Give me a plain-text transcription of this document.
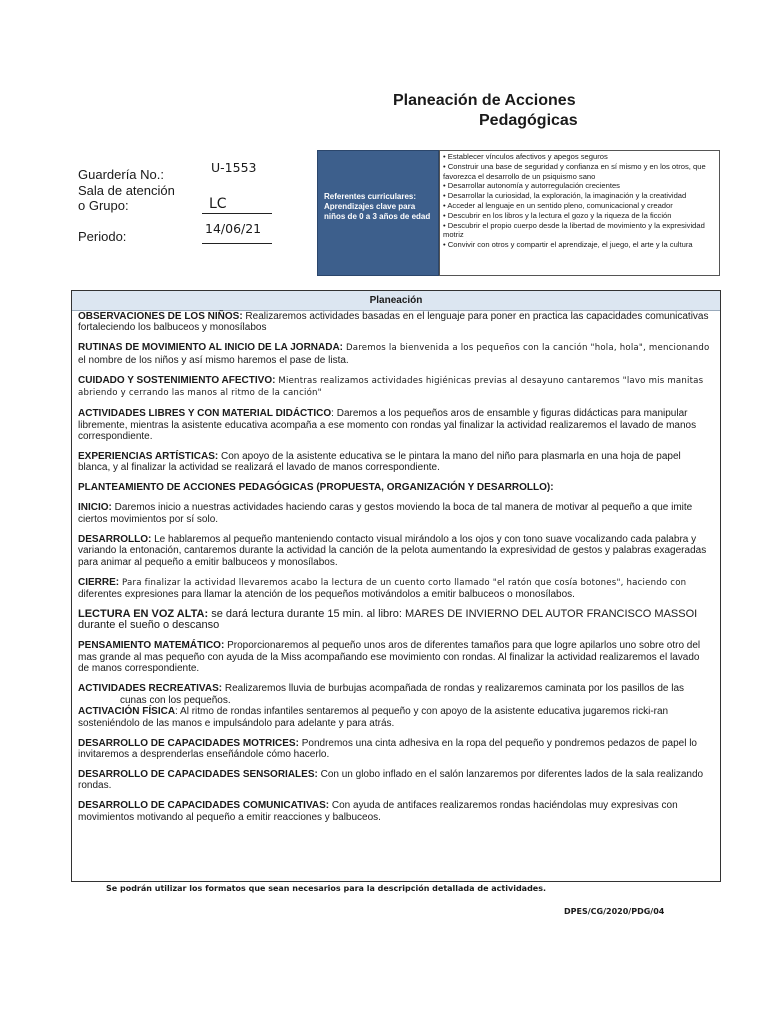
Planeación de Acciones
Pedagógicas
Guardería No.:	U-1553
Sala de atención
o Grupo:	LC
Periodo:
14/06/21
Referentes curriculares: Aprendizajes clave para niños de 0 a 3 años de edad
• Establecer vínculos afectivos y apegos seguros
• Construir una base de seguridad y confianza en sí mismo y en los otros, que favorezca el desarrollo de un psiquismo sano
• Desarrollar autonomía y autorregulación crecientes
• Desarrollar la curiosidad, la exploración, la imaginación y la creatividad
• Acceder al lenguaje en un sentido pleno, comunicacional y creador
• Descubrir en los libros y la lectura el gozo y la riqueza de la ficción
• Descubrir el propio cuerpo desde la libertad de movimiento y la expresividad motriz
• Convivir con otros y compartir el aprendizaje, el juego, el arte y la cultura
Planeación

OBSERVACIONES DE LOS NIÑOS: Realizaremos actividades basadas en el lenguaje para poner en practica las capacidades comunicativas fortaleciendo los balbuceos y monosílabos

RUTINAS DE MOVIMIENTO AL INICIO DE LA JORNADA: Daremos la bienvenida a los pequeños con la canción "hola, hola", mencionando el nombre de los niños y así mismo haremos el pase de lista.

CUIDADO Y SOSTENIMIENTO AFECTIVO: Mientras realizamos actividades higiénicas previas al desayuno cantaremos "lavo mis manitas abriendo y cerrando las manos al ritmo de la canción"

ACTIVIDADES LIBRES Y CON MATERIAL DIDÁCTICO: Daremos a los pequeños aros de ensamble y figuras didácticas para manipular libremente, mientras la asistente educativa acompaña a ese momento con rondas yal finalizar la actividad realizaremos el lavado de manos correspondiente.

EXPERIENCIAS ARTÍSTICAS: Con apoyo de la asistente educativa se le pintara la mano del niño para plasmarla en una hoja de papel blanca, y al finalizar la actividad se realizará el lavado de manos correspondiente.

PLANTEAMIENTO DE ACCIONES PEDAGÓGICAS (PROPUESTA, ORGANIZACIÓN Y DESARROLLO):

INICIO: Daremos inicio a nuestras actividades haciendo caras y gestos moviendo la boca de tal manera de motivar al pequeño a que imite ciertos movimientos por sí solo.

DESARROLLO: Le hablaremos al pequeño manteniendo contacto visual mirándolo a los ojos y con tono suave vocalizando cada palabra y variando la entonación, cantaremos durante la actividad la canción de la pelota aumentando la expresividad de gestos y palabras exageradas para animar al pequeño a emitir balbuceos y monosílabos.

CIERRE: Para finalizar la actividad llevaremos acabo la lectura de un cuento corto llamado "el ratón que cosía botones", haciendo con diferentes expresiones para llamar la atención de los pequeños motivándolos a emitir balbuceos o monosílabos.

LECTURA EN VOZ ALTA: se dará lectura durante 15 min. al libro: MARES DE INVIERNO DEL AUTOR FRANCISCO MASSOI durante el sueño o descanso

PENSAMIENTO MATEMÁTICO: Proporcionaremos al pequeño unos aros de diferentes tamaños para que logre apilarlos uno sobre otro del mas grande al mas pequeño con ayuda de la Miss acompañando ese movimiento con rondas. Al finalizar la actividad realizaremos el lavado de manos correspondiente.

ACTIVIDADES RECREATIVAS: Realizaremos lluvia de burbujas acompañada de rondas y realizaremos caminata por los pasillos de las

cunas con los pequeños.

ACTIVACIÓN FÍSICA: Al ritmo de rondas infantiles sentaremos al pequeño y con apoyo de la asistente educativa jugaremos ricki-ran sosteniéndolo de las manos e impulsándolo para adelante y para atrás.

DESARROLLO DE CAPACIDADES MOTRICES: Pondremos una cinta adhesiva en la ropa del pequeño y pondremos pedazos de papel lo invitaremos a desprenderlas enseñándole cómo hacerlo.

DESARROLLO DE CAPACIDADES SENSORIALES: Con un globo inflado en el salón lanzaremos por diferentes lados de la sala realizando rondas.

DESARROLLO DE CAPACIDADES COMUNICATIVAS: Con ayuda de antifaces realizaremos rondas haciéndolas muy expresivas con movimientos motivando al pequeño a emitir reacciones y balbuceos.

Se podrán utilizar los formatos que sean necesarios para la descripción detallada de actividades.
DPES/CG/2020/PDG/04
